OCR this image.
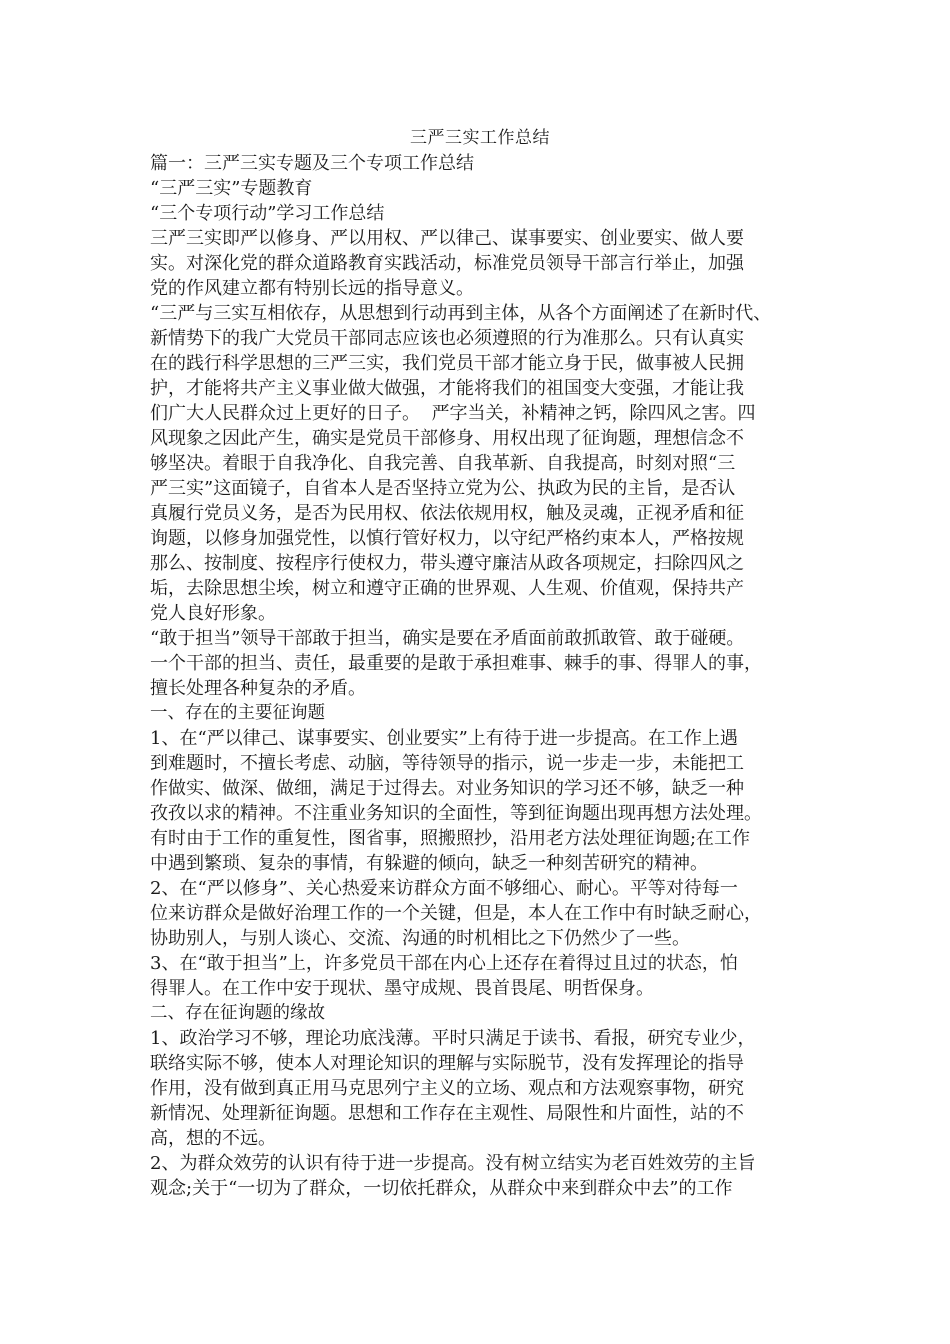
三严三实工作总结
篇一：三严三实专题及三个专项工作总结
“三严三实”专题教育
“三个专项行动”学习工作总结
三严三实即严以修身、严以用权、严以律己、谋事要实、创业要实、做人要
实。对深化党的群众道路教育实践活动，标准党员领导干部言行举止，加强
党的作风建立都有特别长远的指导意义。
“三严与三实互相依存，从思想到行动再到主体，从各个方面阐述了在新时代、
新情势下的我广大党员干部同志应该也必须遵照的行为准那么。只有认真实
在的践行科学思想的三严三实，我们党员干部才能立身于民，做事被人民拥
护，才能将共产主义事业做大做强，才能将我们的祖国变大变强，才能让我
们广大人民群众过上更好的日子。  严字当关，补精神之钙，除四风之害。四
风现象之因此产生，确实是党员干部修身、用权出现了征询题，理想信念不
够坚决。着眼于自我净化、自我完善、自我革新、自我提高，时刻对照“三
严三实”这面镜子，自省本人是否坚持立党为公、执政为民的主旨，是否认
真履行党员义务，是否为民用权、依法依规用权，触及灵魂，正视矛盾和征
询题，以修身加强党性，以慎行管好权力，以守纪严格约束本人，严格按规
那么、按制度、按程序行使权力，带头遵守廉洁从政各项规定，扫除四风之
垢，去除思想尘埃，树立和遵守正确的世界观、人生观、价值观，保持共产
党人良好形象。
“敢于担当”领导干部敢于担当，确实是要在矛盾面前敢抓敢管、敢于碰硬。
一个干部的担当、责任，最重要的是敢于承担难事、棘手的事、得罪人的事，
擅长处理各种复杂的矛盾。
一、存在的主要征询题
1、在“严以律己、谋事要实、创业要实”上有待于进一步提高。在工作上遇
到难题时，不擅长考虑、动脑，等待领导的指示，说一步走一步，未能把工
作做实、做深、做细，满足于过得去。对业务知识的学习还不够，缺乏一种
孜孜以求的精神。不注重业务知识的全面性，等到征询题出现再想方法处理。
有时由于工作的重复性，图省事，照搬照抄，沿用老方法处理征询题;在工作
中遇到繁琐、复杂的事情，有躲避的倾向，缺乏一种刻苦研究的精神。
2、在“严以修身”、关心热爱来访群众方面不够细心、耐心。平等对待每一
位来访群众是做好治理工作的一个关键，但是，本人在工作中有时缺乏耐心，
协助别人，与别人谈心、交流、沟通的时机相比之下仍然少了一些。
3、在“敢于担当”上，许多党员干部在内心上还存在着得过且过的状态，怕
得罪人。在工作中安于现状、墨守成规、畏首畏尾、明哲保身。
二、存在征询题的缘故
1、政治学习不够，理论功底浅薄。平时只满足于读书、看报，研究专业少，
联络实际不够，使本人对理论知识的理解与实际脱节，没有发挥理论的指导
作用，没有做到真正用马克思列宁主义的立场、观点和方法观察事物，研究
新情况、处理新征询题。思想和工作存在主观性、局限性和片面性，站的不
高，想的不远。
2、为群众效劳的认识有待于进一步提高。没有树立结实为老百姓效劳的主旨
观念;关于“一切为了群众，一切依托群众，从群众中来到群众中去”的工作
